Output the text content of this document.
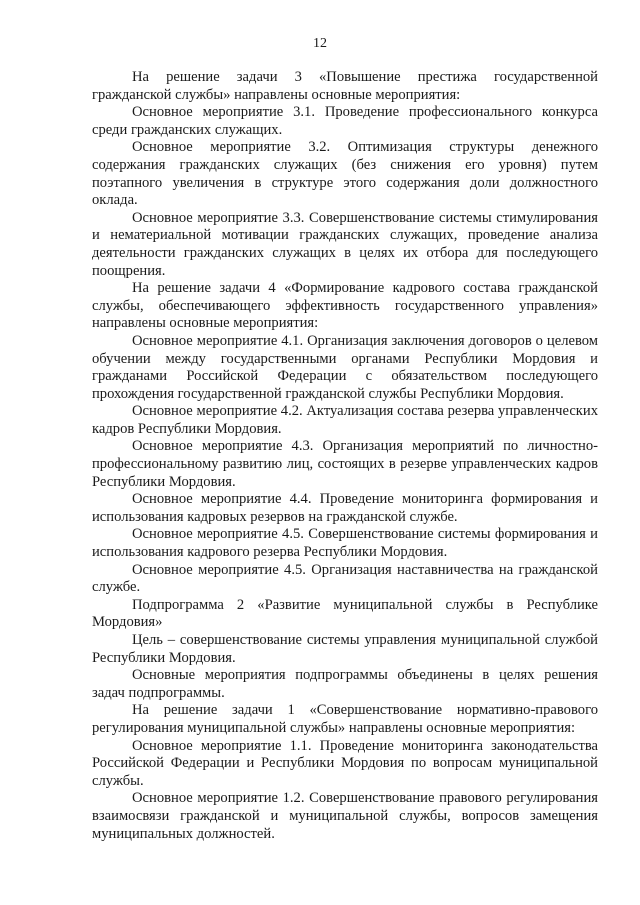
12

На решение задачи 3 «Повышение престижа государственной гражданской службы» направлены основные мероприятия:

Основное мероприятие 3.1. Проведение профессионального конкурса среди гражданских служащих.

Основное мероприятие 3.2. Оптимизация структуры денежного содержания гражданских служащих (без снижения его уровня) путем поэтапного увеличения в структуре этого содержания доли должностного оклада.

Основное мероприятие 3.3. Совершенствование системы стимулирования и нематериальной мотивации гражданских служащих, проведение анализа деятельности гражданских служащих в целях их отбора для последующего поощрения.

На решение задачи 4 «Формирование кадрового состава гражданской службы, обеспечивающего эффективность государственного управления» направлены основные мероприятия:

Основное мероприятие 4.1. Организация заключения договоров о целевом обучении между государственными органами Республики Мордовия и гражданами Российской Федерации с обязательством последующего прохождения государственной гражданской службы Республики Мордовия.

Основное мероприятие 4.2. Актуализация состава резерва управленческих кадров Республики Мордовия.

Основное мероприятие 4.3. Организация мероприятий по личностно-профессиональному развитию лиц, состоящих в резерве управленческих кадров Республики Мордовия.

Основное мероприятие 4.4. Проведение мониторинга формирования и использования кадровых резервов на гражданской службе.

Основное мероприятие 4.5. Совершенствование системы формирования и использования кадрового резерва Республики Мордовия.

Основное мероприятие 4.5. Организация наставничества на гражданской службе.

Подпрограмма 2 «Развитие муниципальной службы в Республике Мордовия»

Цель – совершенствование системы управления муниципальной службой Республики Мордовия.

Основные мероприятия подпрограммы объединены в целях решения задач подпрограммы.

На решение задачи 1 «Совершенствование нормативно-правового регулирования муниципальной службы» направлены основные мероприятия:

Основное мероприятие 1.1. Проведение мониторинга законодательства Российской Федерации и Республики Мордовия по вопросам муниципальной службы.

Основное мероприятие 1.2. Совершенствование правового регулирования взаимосвязи гражданской и муниципальной службы, вопросов замещения муниципальных должностей.
